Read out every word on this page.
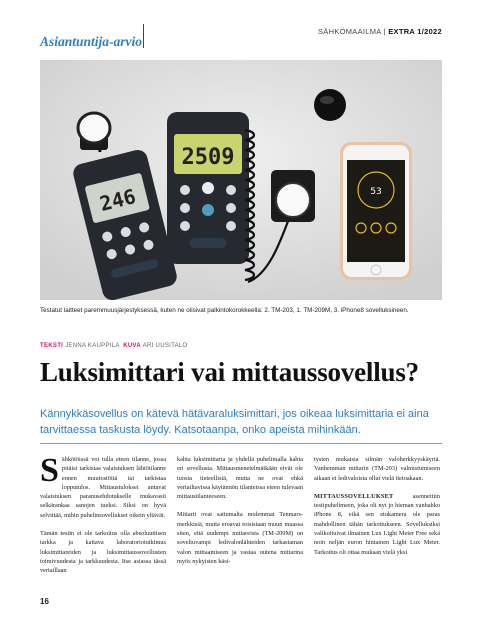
Asiantuntija-arvio
SÄHKÖMAAILMA | EXTRA 1/2022
246
2509
53
Testatut laitteet paremmuusjärjestyksessä, kuten ne olisivat palkintokorokkeella: 2. TM-203, 1. TM-209M, 3. iPhone8 sovelluksineen.
TEKSTI JENNA KAUPPILA KUVA ARI UUSITALO
Luksimittari vai mittaussovellus?

Kännykkäsovellus on kätevä hätävaraluksimittari, jos oikeaa luksimittaria ei aina tarvittaessa taskusta löydy. Katsotaanpa, onko apeista mihinkään.

Sähkötöissä voi tulla eteen tilanne, jossa pitäisi tarkistaa valaistuksen lähtötilanne ennen muutostöitä tai tarkistaa lopputulos. Mittaustulokset antavat valaistuksen paranusehdotukselle mukavasti selkärankaa sanojen tueksi. Siksi on hyvä selvittää, mihin puhelinsovellukset oikein yltävät.

Tämän testin ei ole tarkoitus olla absoluuttisen tarkka ja kattava laboratoriotutkimus luksimittareiden ja luksimittaussovellusten toimivuudesta ja tarkkuudesta. Itse asiassa tässä vertaillaan

kahta luksimittaria ja yhdellä puhelimalla kahta eri sovellusta. Mittausmenetelmätkään eivät ole tuosta tieteellistä, mutta ne ovat ehkä vertailtavissa käytännön tilanteissa eteen tulevaan mittaustilanteeseen.

Mittarit ovat sattumalta molemmat Tenmars-merkkisiä, mutta eroavat toisistaan muun muassa siten, että uudempi mittareista (TM-209M) on soveltuvampi ledivalonlähteiden tarkastaman valon mittaamiseen ja vastaa uutena mittarina myös nykyisten käsi-

tysten mukaisia silmän valoherkkyyskäyriä. Vanhemman mittarin (TM-203) valmistumiseen aikaan ei ledivaloista ollut vielä tietoakaan.

MITTAUSSOVELLUKSET	asennettiin testipuhelimeen, joka oli nyt jo hieman vanhahko iPhone 8, eikä sen etukamera ole paras mahdollinen tähän tarkoitukseen. Sovelluksiksi valikoituivat ilmainen Lux Light Meter Free sekä noin neljän euron hintainen Light Lux Meter. Tarkoitus oli ottaa mukaan vielä yksi

16
